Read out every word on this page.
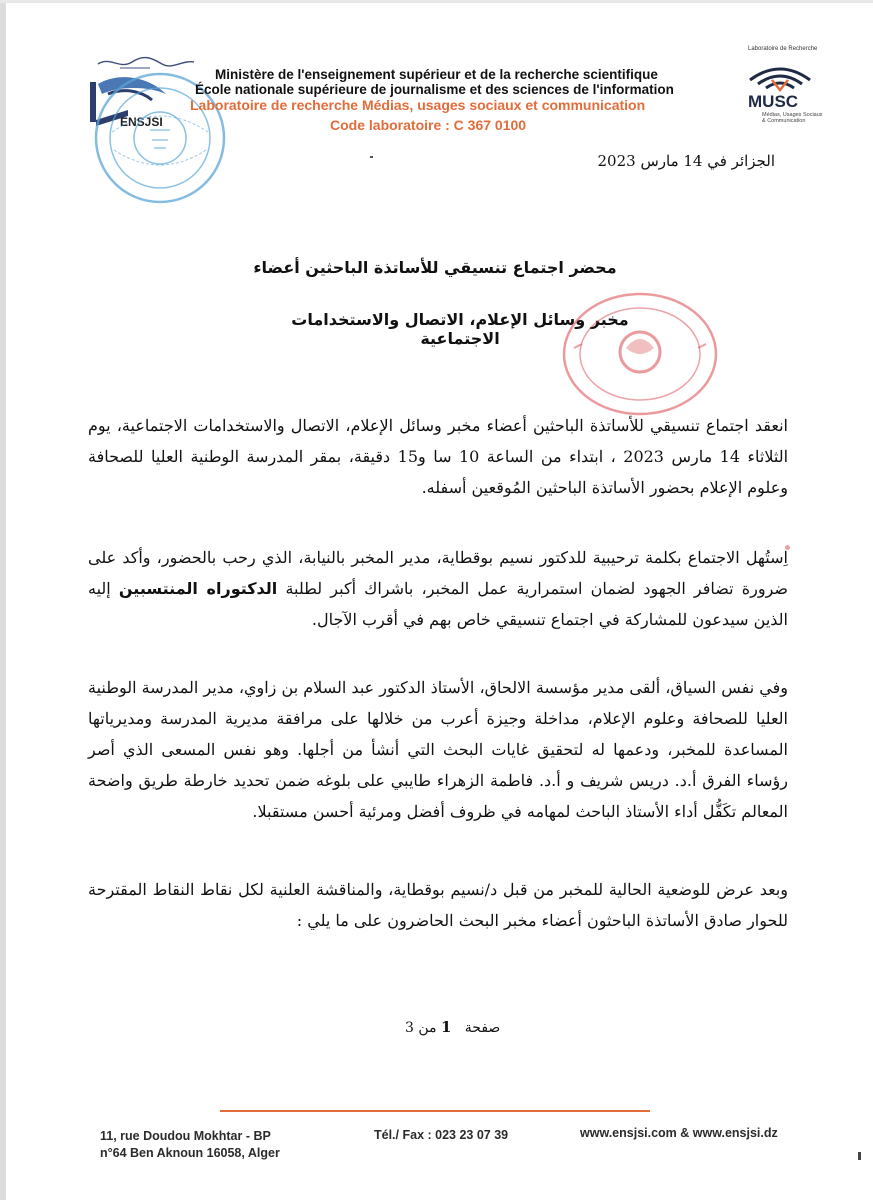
ENSJSI
Ministère de l'enseignement supérieur et de la recherche scientifique
École nationale supérieure de journalisme et des sciences de l'information
Laboratoire de recherche Médias, usages sociaux et communication
Code laboratoire : C 367 0100
Laboratoire de Recherche
MUSC
Médias, Usages Sociaux
& Communication
الجزائر في 14 مارس 2023
محضر اجتماع تنسيقي للأساتذة الباحثين أعضاء
مخبر وسائل الإعلام، الاتصال والاستخدامات الاجتماعية
انعقد اجتماع تنسيقي للأساتذة الباحثين أعضاء مخبر وسائل الإعلام، الاتصال والاستخدامات الاجتماعية، يوم الثلاثاء 14 مارس 2023 ، ابتداء من الساعة 10 سا و15 دقيقة، بمقر المدرسة الوطنية العليا للصحافة وعلوم الإعلام بحضور الأساتذة الباحثين المُوقعين أسفله.
اِستُهل الاجتماع بكلمة ترحيبية للدكتور نسيم بوقطاية، مدير المخبر بالنيابة، الذي رحب بالحضور، وأكد على ضرورة تضافر الجهود لضمان استمرارية عمل المخبر، باشراك أكبر لطلبة الدكتوراه المنتسبين إليه الذين سيدعون للمشاركة في اجتماع تنسيقي خاص بهم في أقرب الآجال.
وفي نفس السياق، ألقى مدير مؤسسة الالحاق، الأستاذ الدكتور عبد السلام بن زاوي، مدير المدرسة الوطنية العليا للصحافة وعلوم الإعلام، مداخلة وجيزة أعرب من خلالها على مرافقة مديرية المدرسة ومديرياتها المساعدة للمخبر، ودعمها له لتحقيق غايات البحث التي أنشأ من أجلها. وهو نفس المسعى الذي أصر رؤساء الفرق أ.د. دريس شريف و أ.د. فاطمة الزهراء طايبي على بلوغه ضمن تحديد خارطة طريق واضحة المعالم تكَفُّل أداء الأستاذ الباحث لمهامه في ظروف أفضل ومرئية أحسن مستقبلا.
وبعد عرض للوضعية الحالية للمخبر من قبل د/نسيم بوقطاية، والمناقشة العلنية لكل نقاط النقاط المقترحة للحوار صادق الأساتذة الباحثون أعضاء مخبر البحث الحاضرون على ما يلي :
صفحة   1 من 3
11, rue Doudou Mokhtar - BP
n°64 Ben Aknoun 16058, Alger
Tél./ Fax : 023 23 07 39	www.ensjsi.com & www.ensjsi.dz
